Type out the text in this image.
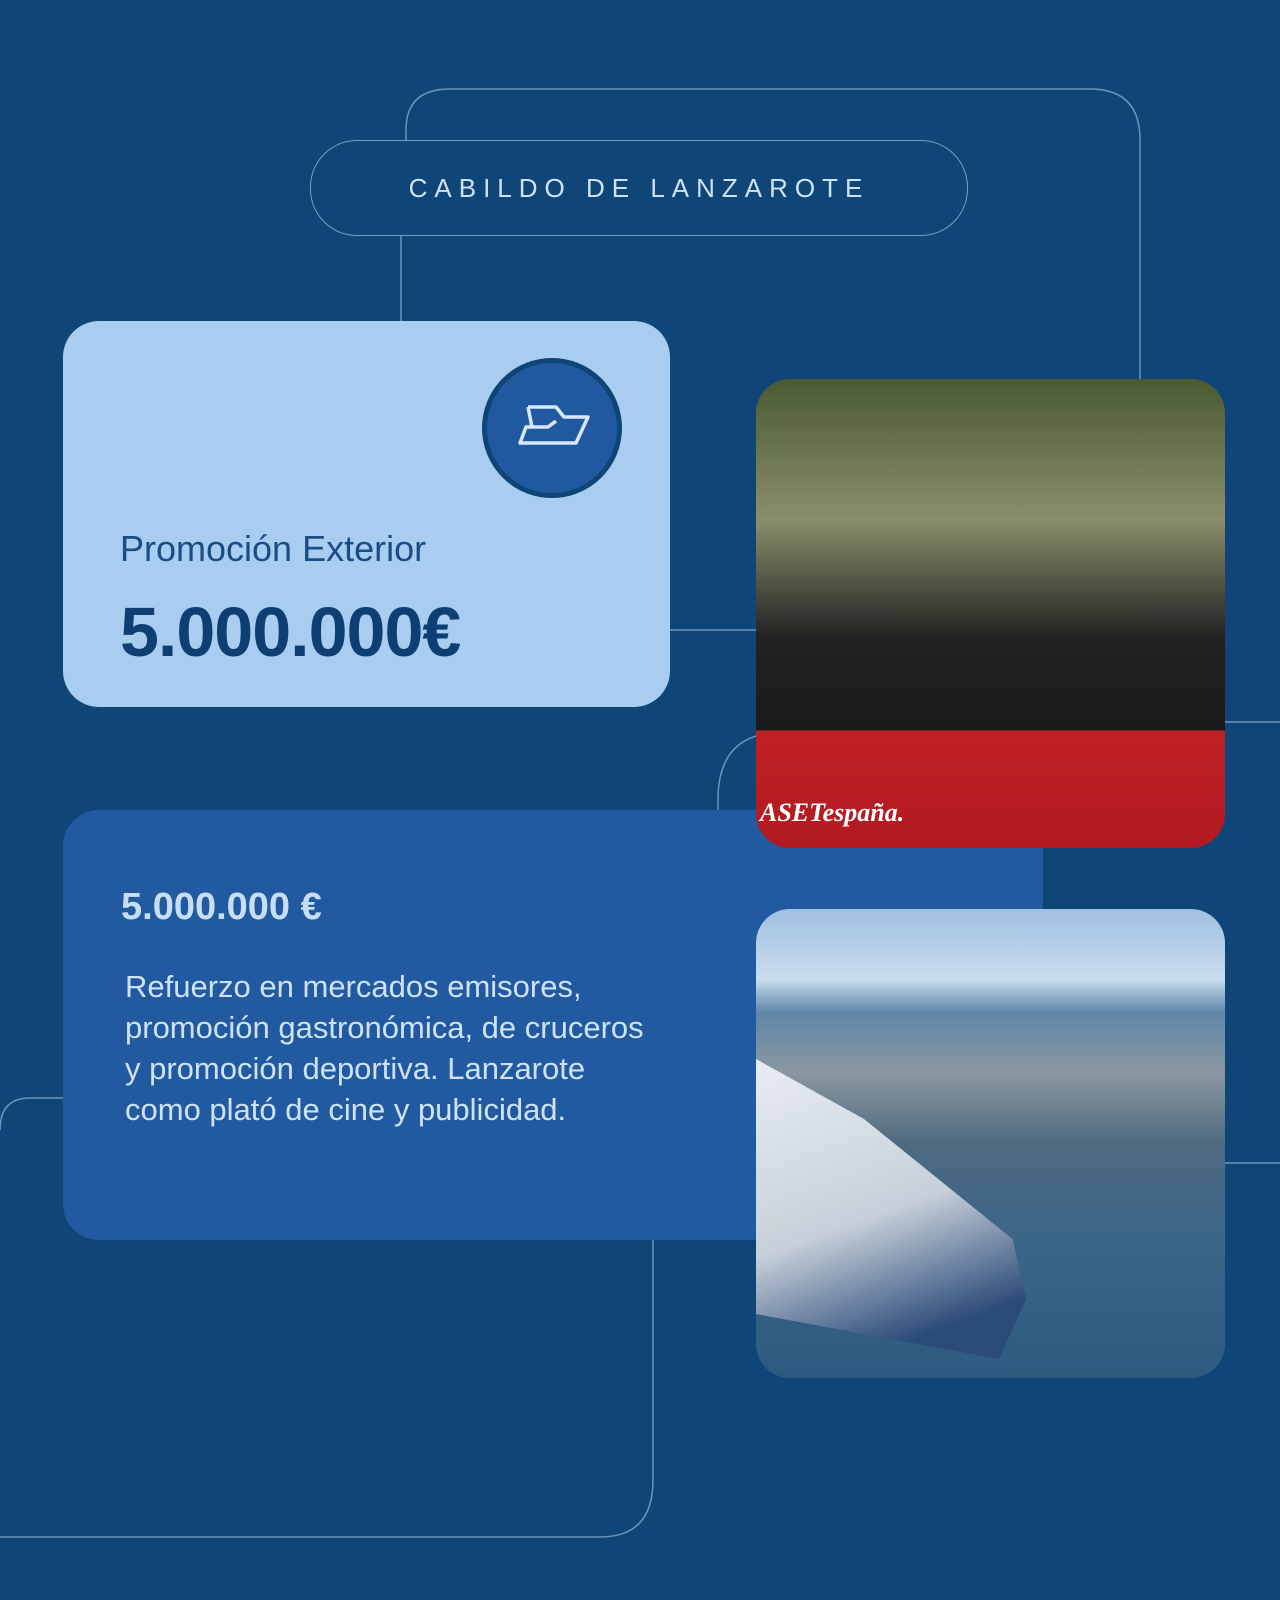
CABILDO DE LANZAROTE
Promoción Exterior
5.000.000€
5.000.000 €
Refuerzo en mercados emisores, promoción gastronómica, de cruceros y promoción deportiva. Lanzarote como plató de cine y publicidad.
ASETespaña.
